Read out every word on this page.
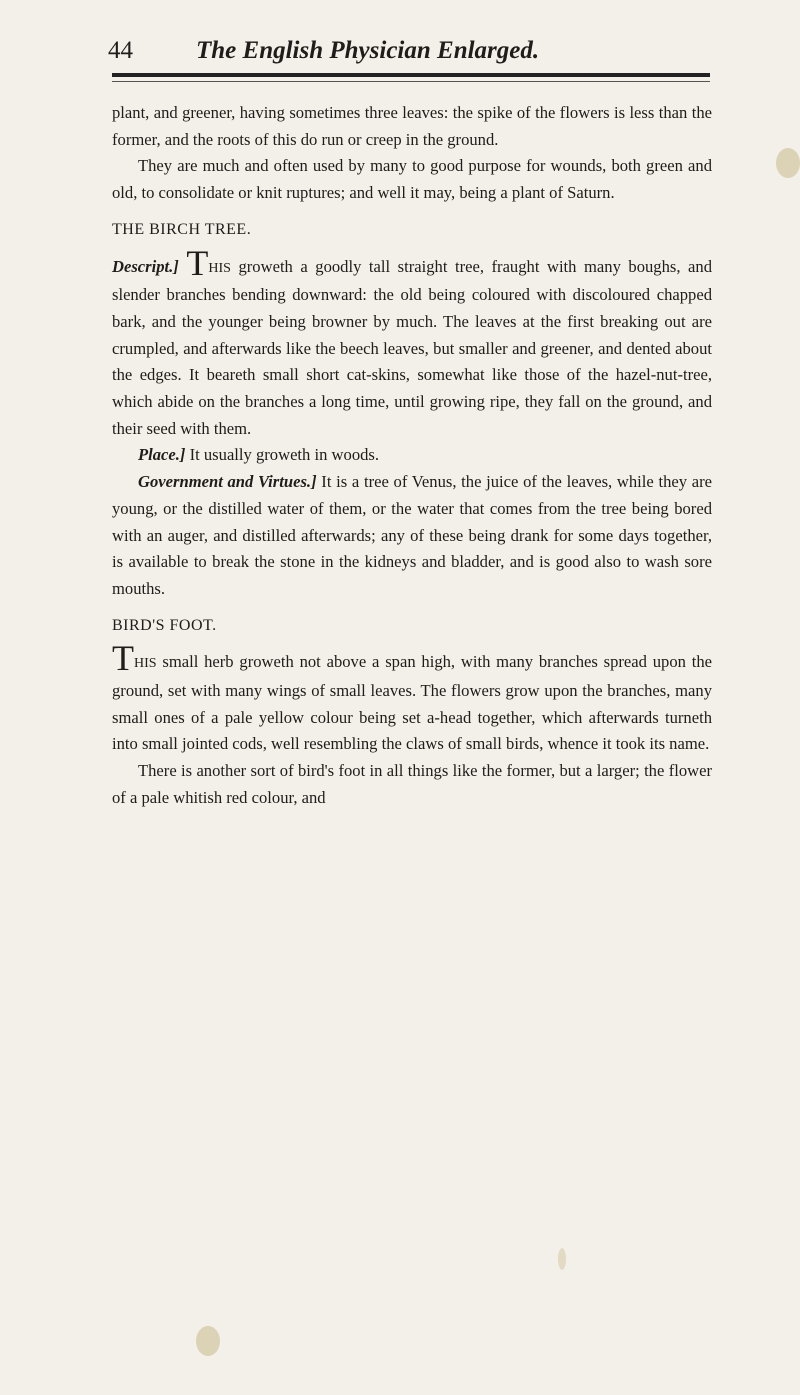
44	The English Physician Enlarged.

plant, and greener, having sometimes three leaves: the spike of the flowers is less than the former, and the roots of this do run or creep in the ground.

They are much and often used by many to good purpose for wounds, both green and old, to consolidate or knit ruptures; and well it may, being a plant of Saturn.

THE BIRCH TREE.

Descript.] THIS groweth a goodly tall straight tree, fraught with many boughs, and slender branches bending downward: the old being coloured with discoloured chapped bark, and the younger being browner by much. The leaves at the first breaking out are crumpled, and afterwards like the beech leaves, but smaller and greener, and dented about the edges. It beareth small short cat-skins, somewhat like those of the hazel-nut-tree, which abide on the branches a long time, until growing ripe, they fall on the ground, and their seed with them.

Place.] It usually groweth in woods.

Government and Virtues.] It is a tree of Venus, the juice of the leaves, while they are young, or the distilled water of them, or the water that comes from the tree being bored with an auger, and distilled afterwards; any of these being drank for some days together, is available to break the stone in the kidneys and bladder, and is good also to wash sore mouths.

BIRD'S FOOT.

THIS small herb groweth not above a span high, with many branches spread upon the ground, set with many wings of small leaves. The flowers grow upon the branches, many small ones of a pale yellow colour being set a-head together, which afterwards turneth into small jointed cods, well resembling the claws of small birds, whence it took its name.

There is another sort of bird's foot in all things like the former, but a larger; the flower of a pale whitish red colour, and
